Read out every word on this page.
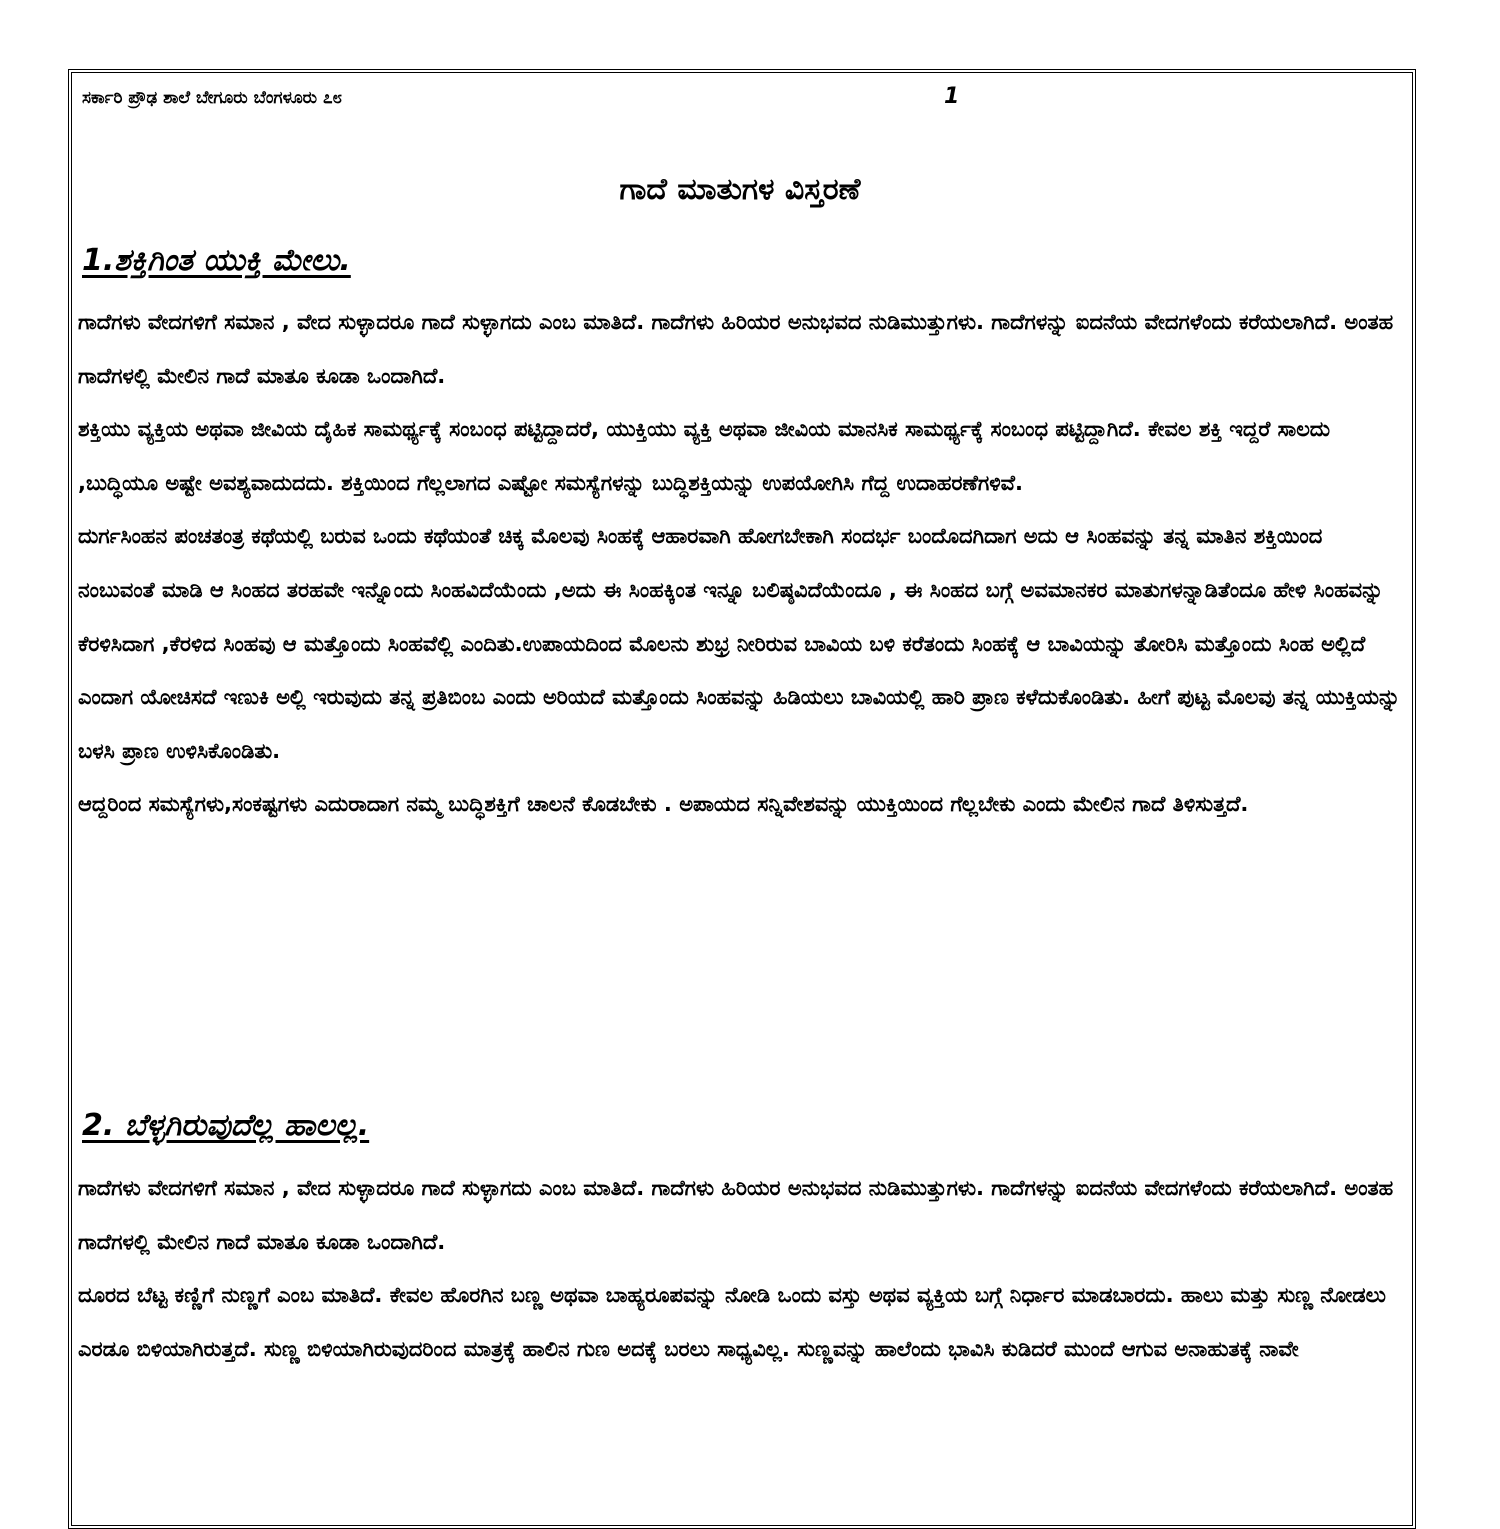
ಸರ್ಕಾರಿ ಪ್ರೌಢ ಶಾಲೆ ಬೇಗೂರು ಬೆಂಗಳೂರು ೭೮	1
ಗಾದೆ ಮಾತುಗಳ ವಿಸ್ತರಣೆ
1.ಶಕ್ತಿಗಿಂತ ಯುಕ್ತಿ ಮೇಲು.

ಗಾದೆಗಳು ವೇದಗಳಿಗೆ ಸಮಾನ , ವೇದ ಸುಳ್ಳಾದರೂ ಗಾದೆ ಸುಳ್ಳಾಗದು ಎಂಬ ಮಾತಿದೆ. ಗಾದೆಗಳು ಹಿರಿಯರ ಅನುಭವದ ನುಡಿಮುತ್ತುಗಳು. ಗಾದೆಗಳನ್ನು ಐದನೆಯ ವೇದಗಳೆಂದು ಕರೆಯಲಾಗಿದೆ. ಅಂತಹ ಗಾದೆಗಳಲ್ಲಿ ಮೇಲಿನ ಗಾದೆ ಮಾತೂ ಕೂಡಾ ಒಂದಾಗಿದೆ.

ಶಕ್ತಿಯು ವ್ಯಕ್ತಿಯ ಅಥವಾ ಜೀವಿಯ ದೈಹಿಕ ಸಾಮರ್ಥ್ಯಕ್ಕೆ ಸಂಬಂಧ ಪಟ್ಟಿದ್ದಾದರೆ, ಯುಕ್ತಿಯು ವ್ಯಕ್ತಿ ಅಥವಾ ಜೀವಿಯ ಮಾನಸಿಕ ಸಾಮರ್ಥ್ಯಕ್ಕೆ ಸಂಬಂಧ ಪಟ್ಟಿದ್ದಾಗಿದೆ. ಕೇವಲ ಶಕ್ತಿ ಇದ್ದರೆ ಸಾಲದು ,ಬುದ್ಧಿಯೂ ಅಷ್ಟೇ ಅವಶ್ಯವಾದುದದು. ಶಕ್ತಿಯಿಂದ ಗೆಲ್ಲಲಾಗದ ಎಷ್ಟೋ ಸಮಸ್ಯೆಗಳನ್ನು ಬುದ್ಧಿಶಕ್ತಿಯನ್ನು ಉಪಯೋಗಿಸಿ ಗೆದ್ದ ಉದಾಹರಣೆಗಳಿವೆ.

ದುರ್ಗಸಿಂಹನ ಪಂಚತಂತ್ರ ಕಥೆಯಲ್ಲಿ ಬರುವ ಒಂದು ಕಥೆಯಂತೆ ಚಿಕ್ಕ ಮೊಲವು ಸಿಂಹಕ್ಕೆ ಆಹಾರವಾಗಿ ಹೋಗಬೇಕಾಗಿ ಸಂದರ್ಭ ಬಂದೊದಗಿದಾಗ ಅದು ಆ ಸಿಂಹವನ್ನು ತನ್ನ ಮಾತಿನ ಶಕ್ತಿಯಿಂದ ನಂಬುವಂತೆ ಮಾಡಿ ಆ ಸಿಂಹದ ತರಹವೇ ಇನ್ನೊಂದು ಸಿಂಹವಿದೆಯೆಂದು ,ಅದು ಈ ಸಿಂಹಕ್ಕಿಂತ ಇನ್ನೂ ಬಲಿಷ್ಠವಿದೆಯೆಂದೂ , ಈ ಸಿಂಹದ ಬಗ್ಗೆ ಅವಮಾನಕರ ಮಾತುಗಳನ್ನಾಡಿತೆಂದೂ ಹೇಳಿ ಸಿಂಹವನ್ನು ಕೆರಳಿಸಿದಾಗ ,ಕೆರಳಿದ ಸಿಂಹವು ಆ ಮತ್ತೊಂದು ಸಿಂಹವೆಲ್ಲಿ ಎಂದಿತು.ಉಪಾಯದಿಂದ ಮೊಲನು ಶುಭ್ರ ನೀರಿರುವ ಬಾವಿಯ ಬಳಿ ಕರೆತಂದು ಸಿಂಹಕ್ಕೆ ಆ ಬಾವಿಯನ್ನು ತೋರಿಸಿ ಮತ್ತೊಂದು ಸಿಂಹ ಅಲ್ಲಿದೆ ಎಂದಾಗ ಯೋಚಿಸದೆ ಇಣುಕಿ ಅಲ್ಲಿ ಇರುವುದು ತನ್ನ ಪ್ರತಿಬಿಂಬ ಎಂದು ಅರಿಯದೆ ಮತ್ತೊಂದು ಸಿಂಹವನ್ನು ಹಿಡಿಯಲು ಬಾವಿಯಲ್ಲಿ ಹಾರಿ ಪ್ರಾಣ ಕಳೆದುಕೊಂಡಿತು. ಹೀಗೆ ಪುಟ್ಟ ಮೊಲವು ತನ್ನ ಯುಕ್ತಿಯನ್ನು ಬಳಸಿ ಪ್ರಾಣ ಉಳಿಸಿಕೊಂಡಿತು.

ಆದ್ದರಿಂದ ಸಮಸ್ಯೆಗಳು,ಸಂಕಷ್ಟಗಳು ಎದುರಾದಾಗ ನಮ್ಮ ಬುದ್ಧಿಶಕ್ತಿಗೆ ಚಾಲನೆ ಕೊಡಬೇಕು . ಅಪಾಯದ ಸನ್ನಿವೇಶವನ್ನು ಯುಕ್ತಿಯಿಂದ ಗೆಲ್ಲಬೇಕು ಎಂದು ಮೇಲಿನ ಗಾದೆ ತಿಳಿಸುತ್ತದೆ.

2. ಬೆಳ್ಳಗಿರುವುದೆಲ್ಲ ಹಾಲಲ್ಲ.

ಗಾದೆಗಳು ವೇದಗಳಿಗೆ ಸಮಾನ , ವೇದ ಸುಳ್ಳಾದರೂ ಗಾದೆ ಸುಳ್ಳಾಗದು ಎಂಬ ಮಾತಿದೆ. ಗಾದೆಗಳು ಹಿರಿಯರ ಅನುಭವದ ನುಡಿಮುತ್ತುಗಳು. ಗಾದೆಗಳನ್ನು ಐದನೆಯ ವೇದಗಳೆಂದು ಕರೆಯಲಾಗಿದೆ. ಅಂತಹ ಗಾದೆಗಳಲ್ಲಿ ಮೇಲಿನ ಗಾದೆ ಮಾತೂ ಕೂಡಾ ಒಂದಾಗಿದೆ.

ದೂರದ ಬೆಟ್ಟ ಕಣ್ಣಿಗೆ ನುಣ್ಣಗೆ ಎಂಬ ಮಾತಿದೆ. ಕೇವಲ ಹೊರಗಿನ ಬಣ್ಣ ಅಥವಾ ಬಾಹ್ಯರೂಪವನ್ನು ನೋಡಿ ಒಂದು ವಸ್ತು ಅಥವ ವ್ಯಕ್ತಿಯ ಬಗ್ಗೆ ನಿರ್ಧಾರ ಮಾಡಬಾರದು. ಹಾಲು ಮತ್ತು ಸುಣ್ಣ ನೋಡಲು ಎರಡೂ ಬಿಳಿಯಾಗಿರುತ್ತದೆ. ಸುಣ್ಣ ಬಿಳಿಯಾಗಿರುವುದರಿಂದ ಮಾತ್ರಕ್ಕೆ ಹಾಲಿನ ಗುಣ ಅದಕ್ಕೆ ಬರಲು ಸಾಧ್ಯವಿಲ್ಲ. ಸುಣ್ಣವನ್ನು ಹಾಲೆಂದು ಭಾವಿಸಿ ಕುಡಿದರೆ ಮುಂದೆ ಆಗುವ ಅನಾಹುತಕ್ಕೆ ನಾವೇ
